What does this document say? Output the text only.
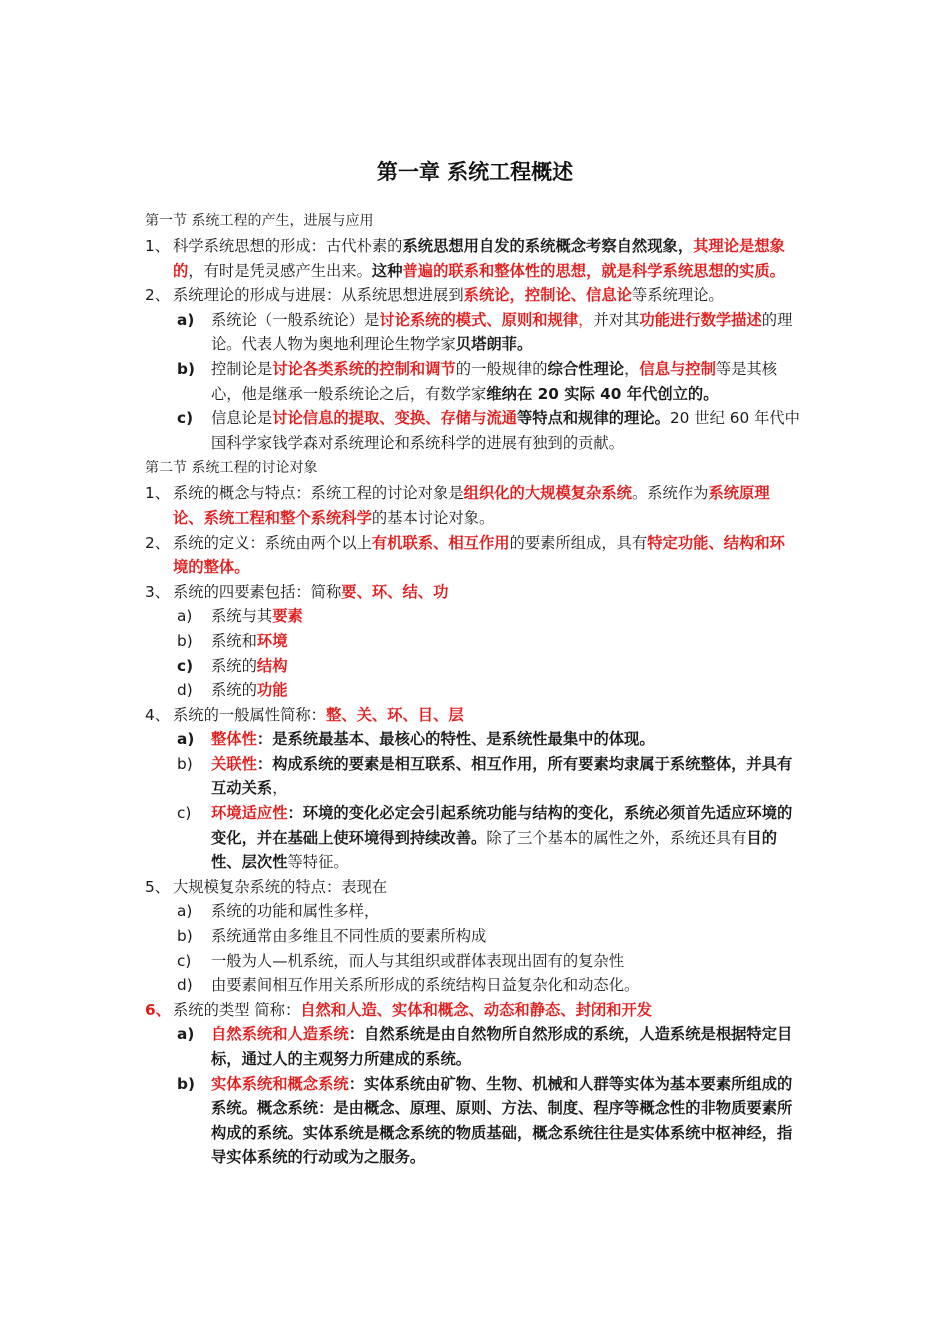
第一章 系统工程概述
第一节 系统工程的产生，进展与应用
1、 科学系统思想的形成：古代朴素的系统思想用自发的系统概念考察自然现象，其理论是想象的，有时是凭灵感产生出来。这种普遍的联系和整体性的思想，就是科学系统思想的实质。
2、 系统理论的形成与进展：从系统思想进展到系统论，控制论、信息论等系统理论。
a) 系统论（一般系统论）是讨论系统的模式、原则和规律，并对其功能进行数学描述的理论。代表人物为奥地利理论生物学家贝塔朗菲。
b) 控制论是讨论各类系统的控制和调节的一般规律的综合性理论，信息与控制等是其核心，他是继承一般系统论之后，有数学家维纳在 20 实际 40 年代创立的。
c) 信息论是讨论信息的提取、变换、存储与流通等特点和规律的理论。20 世纪 60 年代中国科学家钱学森对系统理论和系统科学的进展有独到的贡献。
第二节 系统工程的讨论对象
1、 系统的概念与特点：系统工程的讨论对象是组织化的大规模复杂系统。系统作为系统原理论、系统工程和整个系统科学的基本讨论对象。
2、 系统的定义：系统由两个以上有机联系、相互作用的要素所组成，具有特定功能、结构和环境的整体。
3、 系统的四要素包括：简称要、环、结、功
a) 系统与其要素
b) 系统和环境
c) 系统的结构
d) 系统的功能
4、 系统的一般属性简称：整、关、环、目、层
a) 整体性：是系统最基本、最核心的特性、是系统性最集中的体现。
b) 关联性：构成系统的要素是相互联系、相互作用，所有要素均隶属于系统整体，并具有互动关系，
c) 环境适应性：环境的变化必定会引起系统功能与结构的变化，系统必须首先适应环境的变化，并在基础上使环境得到持续改善。除了三个基本的属性之外，系统还具有目的性、层次性等特征。
5、 大规模复杂系统的特点：表现在
a) 系统的功能和属性多样，
b) 系统通常由多维且不同性质的要素所构成
c) 一般为人—机系统，而人与其组织或群体表现出固有的复杂性
d) 由要素间相互作用关系所形成的系统结构日益复杂化和动态化。
6、 系统的类型 简称：自然和人造、实体和概念、动态和静态、封闭和开发
a) 自然系统和人造系统：自然系统是由自然物所自然形成的系统，人造系统是根据特定目标，通过人的主观努力所建成的系统。
b) 实体系统和概念系统：实体系统由矿物、生物、机械和人群等实体为基本要素所组成的系统。概念系统：是由概念、原理、原则、方法、制度、程序等概念性的非物质要素所构成的系统。实体系统是概念系统的物质基础，概念系统往往是实体系统中枢神经，指导实体系统的行动或为之服务。
